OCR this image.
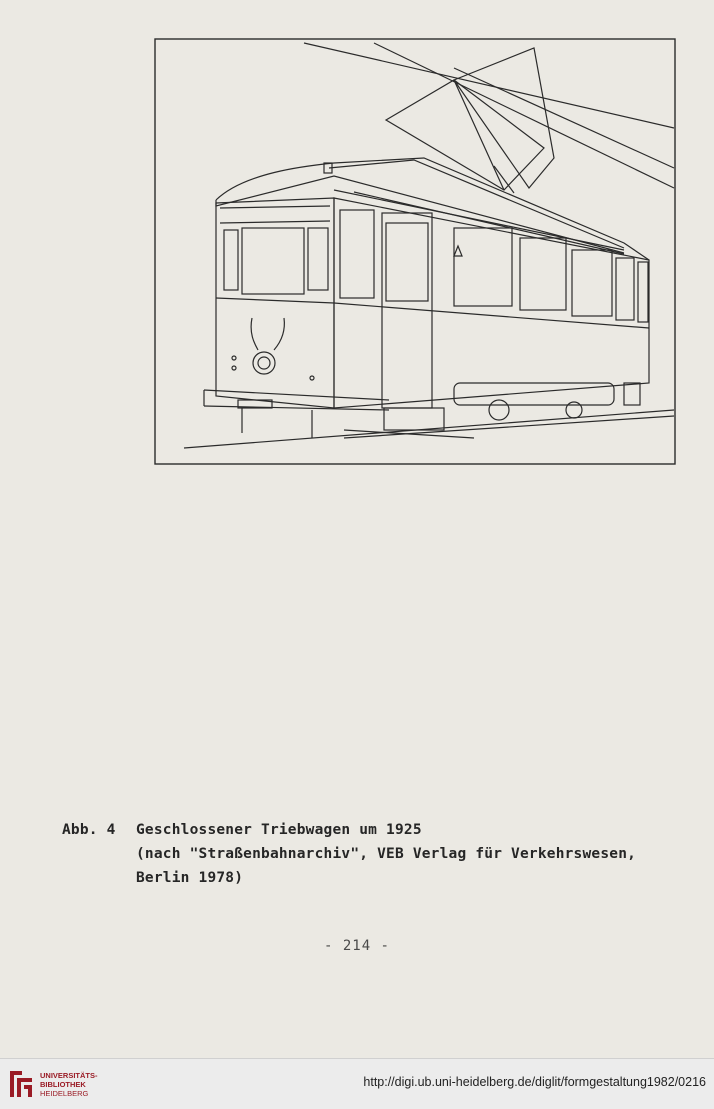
Abb. 4	Geschlossener Triebwagen um 1925
(nach "Straßenbahnarchiv", VEB Verlag für Verkehrswesen,
Berlin 1978)
- 214 -
UNIVERSITÄTS-
BIBLIOTHEK
HEIDELBERG
http://digi.ub.uni-heidelberg.de/diglit/formgestaltung1982/0216
